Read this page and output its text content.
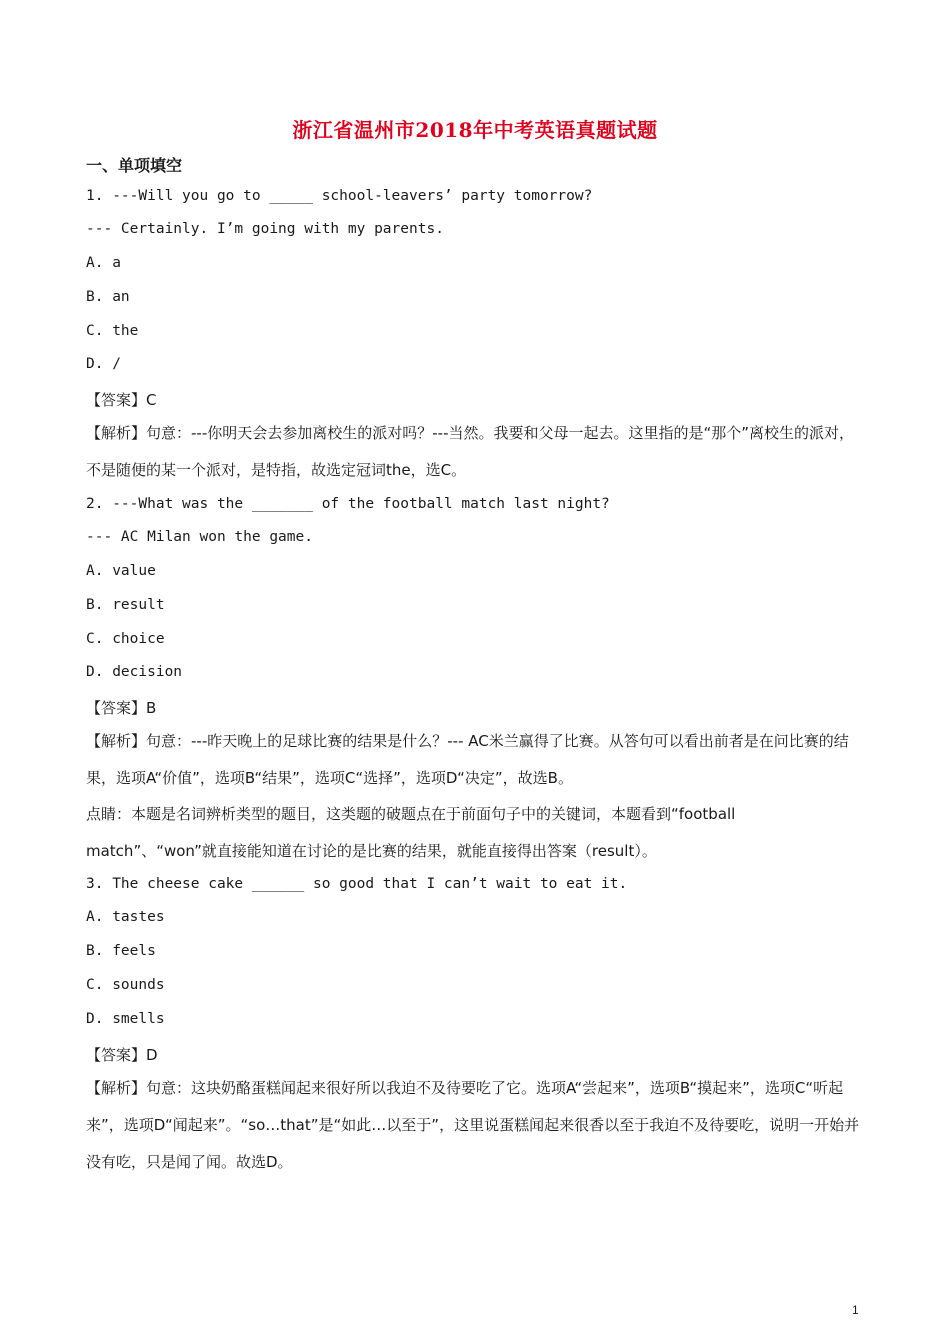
浙江省温州市2018年中考英语真题试题
一、单项填空
1. ---Will you go to _____ school-leavers’ party tomorrow?
--- Certainly. I’m going with my parents.
A. a
B. an
C. the
D. /
【答案】C
【解析】句意：---你明天会去参加离校生的派对吗？---当然。我要和父母一起去。这里指的是“那个”离校生的派对，不是随便的某一个派对，是特指，故选定冠词the，选C。
2. ---What was the _______ of the football match last night?
--- AC Milan won the game.
A. value
B. result
C. choice
D. decision
【答案】B
【解析】句意：---昨天晚上的足球比赛的结果是什么？--- AC米兰赢得了比赛。从答句可以看出前者是在问比赛的结果，选项A“价值”，选项B“结果”，选项C“选择”，选项D“决定”，故选B。
点睛：本题是名词辨析类型的题目，这类题的破题点在于前面句子中的关键词，本题看到“football match”、“won”就直接能知道在讨论的是比赛的结果，就能直接得出答案（result）。
3. The cheese cake ______ so good that I can’t wait to eat it.
A. tastes
B. feels
C. sounds
D. smells
【答案】D
【解析】句意：这块奶酪蛋糕闻起来很好所以我迫不及待要吃了它。选项A“尝起来”，选项B“摸起来”，选项C“听起来”，选项D“闻起来”。“so…that”是“如此…以至于”，这里说蛋糕闻起来很香以至于我迫不及待要吃，说明一开始并没有吃，只是闻了闻。故选D。
1
